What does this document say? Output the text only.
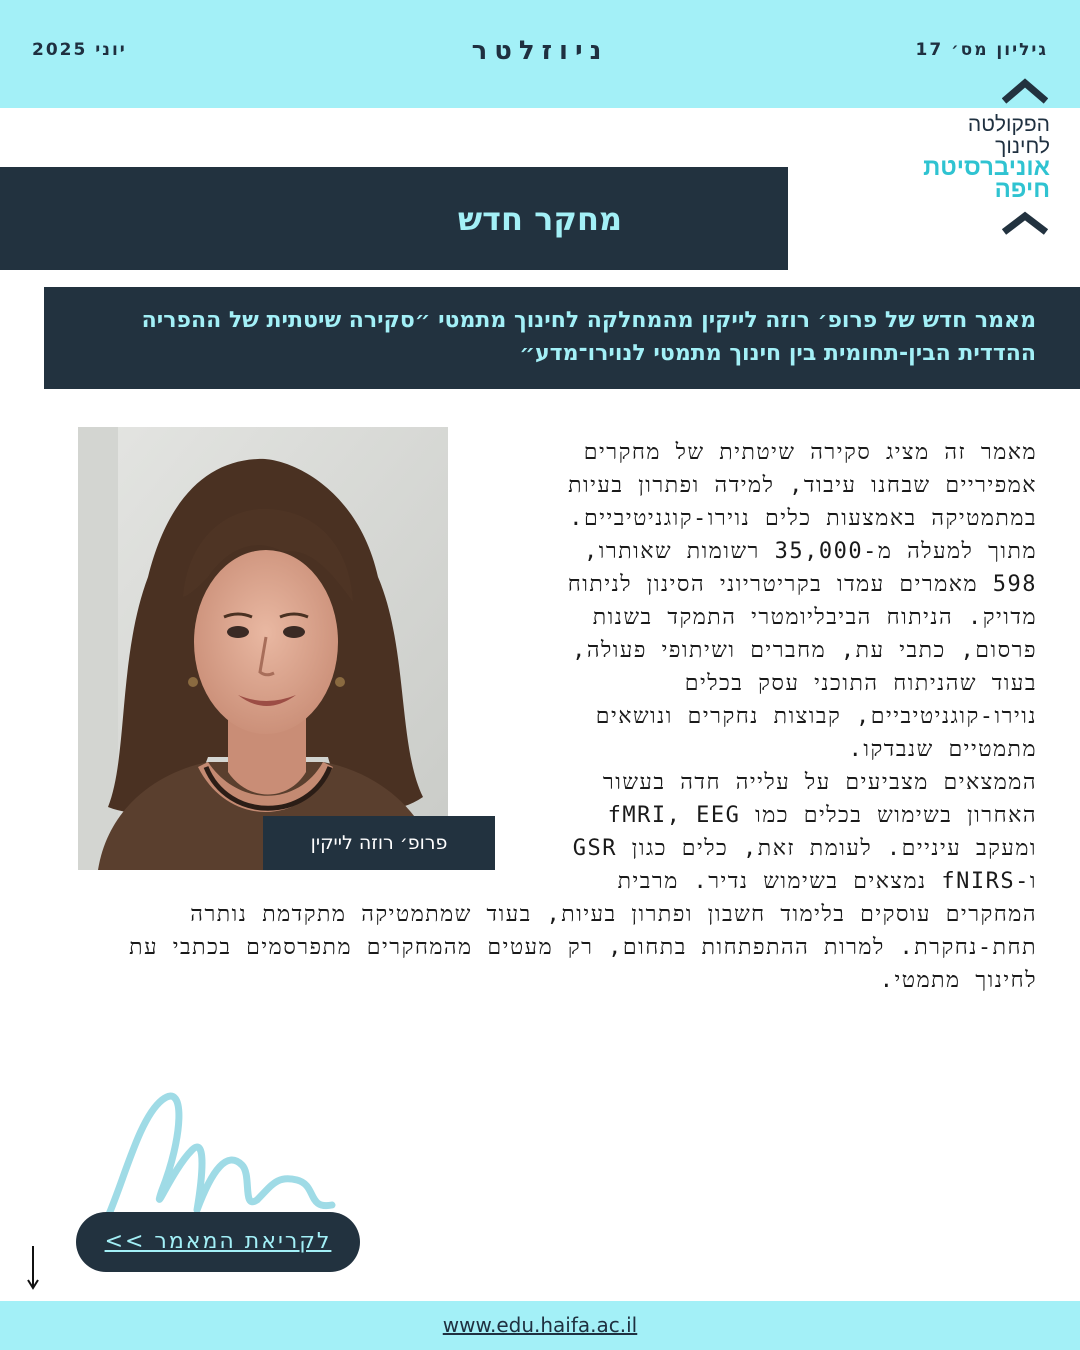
גיליון מס׳ 17
ניוזלטר
יוני 2025
הפקולטה
לחינוך
אוניברסיטת
חיפה
מחקר חדש
מאמר חדש של פרופ׳ רוזה לייקין מהמחלקה לחינוך מתמטי ״סקירה שיטתית של ההפריה ההדדית הבין-תחומית בין חינוך מתמטי לנוירו־מדע״
פרופ׳ רוזה לייקין

מאמר זה מציג סקירה שיטתית של מחקרים אמפיריים שבחנו עיבוד, למידה ופתרון בעיות במתמטיקה באמצעות כלים נוירו-קוגניטיביים. מתוך למעלה מ-35,000 רשומות שאותרו, 598 מאמרים עמדו בקריטריוני הסינון לניתוח מדויק. הניתוח הביבליומטרי התמקד בשנות פרסום, כתבי עת, מחברים ושיתופי פעולה, בעוד שהניתוח התוכני עסק בכלים נוירו-קוגניטיביים, קבוצות נחקרים ונושאים מתמטיים שנבדקו.

הממצאים מצביעים על עלייה חדה בעשור האחרון בשימוש בכלים כמו fMRI, EEG ומעקב עיניים. לעומת זאת, כלים כגון GSR ו-fNIRS נמצאים בשימוש נדיר. מרבית המחקרים עוסקים בלימוד חשבון ופתרון בעיות, בעוד שמתמטיקה מתקדמת נותרה תחת-נחקרת. למרות ההתפתחות בתחום, רק מעטים מהמחקרים מתפרסמים בכתבי עת לחינוך מתמטי.

לקריאת המאמר >>
www.edu.haifa.ac.il
